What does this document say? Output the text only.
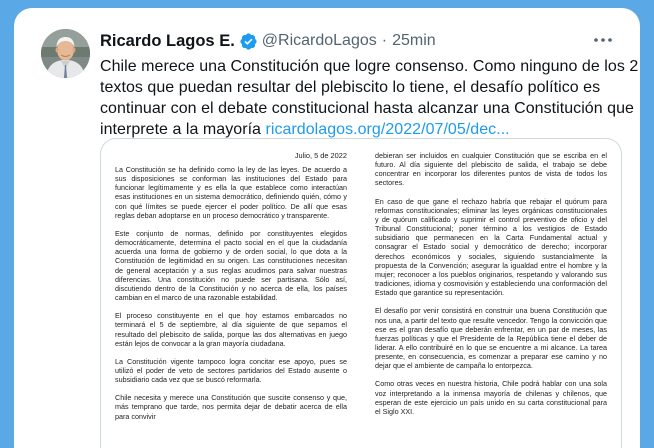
Ricardo Lagos E. @RicardoLagos · 25min
Chile merece una Constitución que logre consenso. Como ninguno de los 2
textos que puedan resultar del plebiscito lo tiene, el desafío político es
continuar con el debate constitucional hasta alcanzar una Constitución que
interprete a la mayoría ricardolagos.org/2022/07/05/dec...
Julio, 5 de 2022

La Constitución se ha definido como la ley de las leyes. De acuerdo a sus disposiciones se conforman las instituciones del Estado para funcionar legítimamente y es ella la que establece como interactúan esas instituciones en un sistema democrático, definiendo quién, cómo y con qué límites se puede ejercer el poder político. De allí que esas reglas deban adoptarse en un proceso democrático y transparente.

Este conjunto de normas, definido por constituyentes elegidos democráticamente, determina el pacto social en el que la ciudadanía acuerda una forma de gobierno y de orden social, lo que dota a la Constitución de legitimidad en su origen. Las constituciones necesitan de general aceptación y a sus reglas acudimos para salvar nuestras diferencias. Una constitución no puede ser partisana. Sólo así, discutiendo dentro de la Constitución y no acerca de ella, los países cambian en el marco de una razonable estabilidad.

El proceso constituyente en el que hoy estamos embarcados no terminará el 5 de septiembre, al día siguiente de que sepamos el resultado del plebiscito de salida, porque las dos alternativas en juego están lejos de convocar a la gran mayoría ciudadana.

La Constitución vigente tampoco logra concitar ese apoyo, pues se utilizó el poder de veto de sectores partidarios del Estado ausente o subsidiario cada vez que se buscó reformarla.

Chile necesita y merece una Constitución que suscite consenso y que, más temprano que tarde, nos permita dejar de debatir acerca de ella para convivir

debieran ser incluidos en cualquier Constitución que se escriba en el futuro. Al día siguiente del plebiscito de salida, el trabajo se debe concentrar en incorporar los diferentes puntos de vista de todos los sectores.

En caso de que gane el rechazo habría que rebajar el quórum para reformas constitucionales; eliminar las leyes orgánicas constitucionales y de quórum calificado y suprimir el control preventivo de oficio y del Tribunal Constitucional; poner término a los vestigios de Estado subsidiario que permanecen en la Carta Fundamental actual y consagrar el Estado social y democrático de derecho; incorporar derechos económicos y sociales, siguiendo sustancialmente la propuesta de la Convención; asegurar la igualdad entre el hombre y la mujer; reconocer a los pueblos originarios, respetando y valorando sus tradiciones, idioma y cosmovisión y estableciendo una conformación del Estado que garantice su representación.

El desafío por venir consistirá en construir una buena Constitución que nos una, a partir del texto que resulte vencedor. Tengo la convicción que ese es el gran desafío que deberán enfrentar, en un par de meses, las fuerzas políticas y que el Presidente de la República tiene el deber de liderar. A ello contribuiré en lo que se encuentre a mi alcance. La tarea presente, en consecuencia, es comenzar a preparar ese camino y no dejar que el ambiente de campaña lo entorpezca.

Como otras veces en nuestra historia, Chile podrá hablar con una sola voz interpretando a la inmensa mayoría de chilenas y chilenos, que esperan de este ejercicio un país unido en su carta constitucional para el Siglo XXI.
